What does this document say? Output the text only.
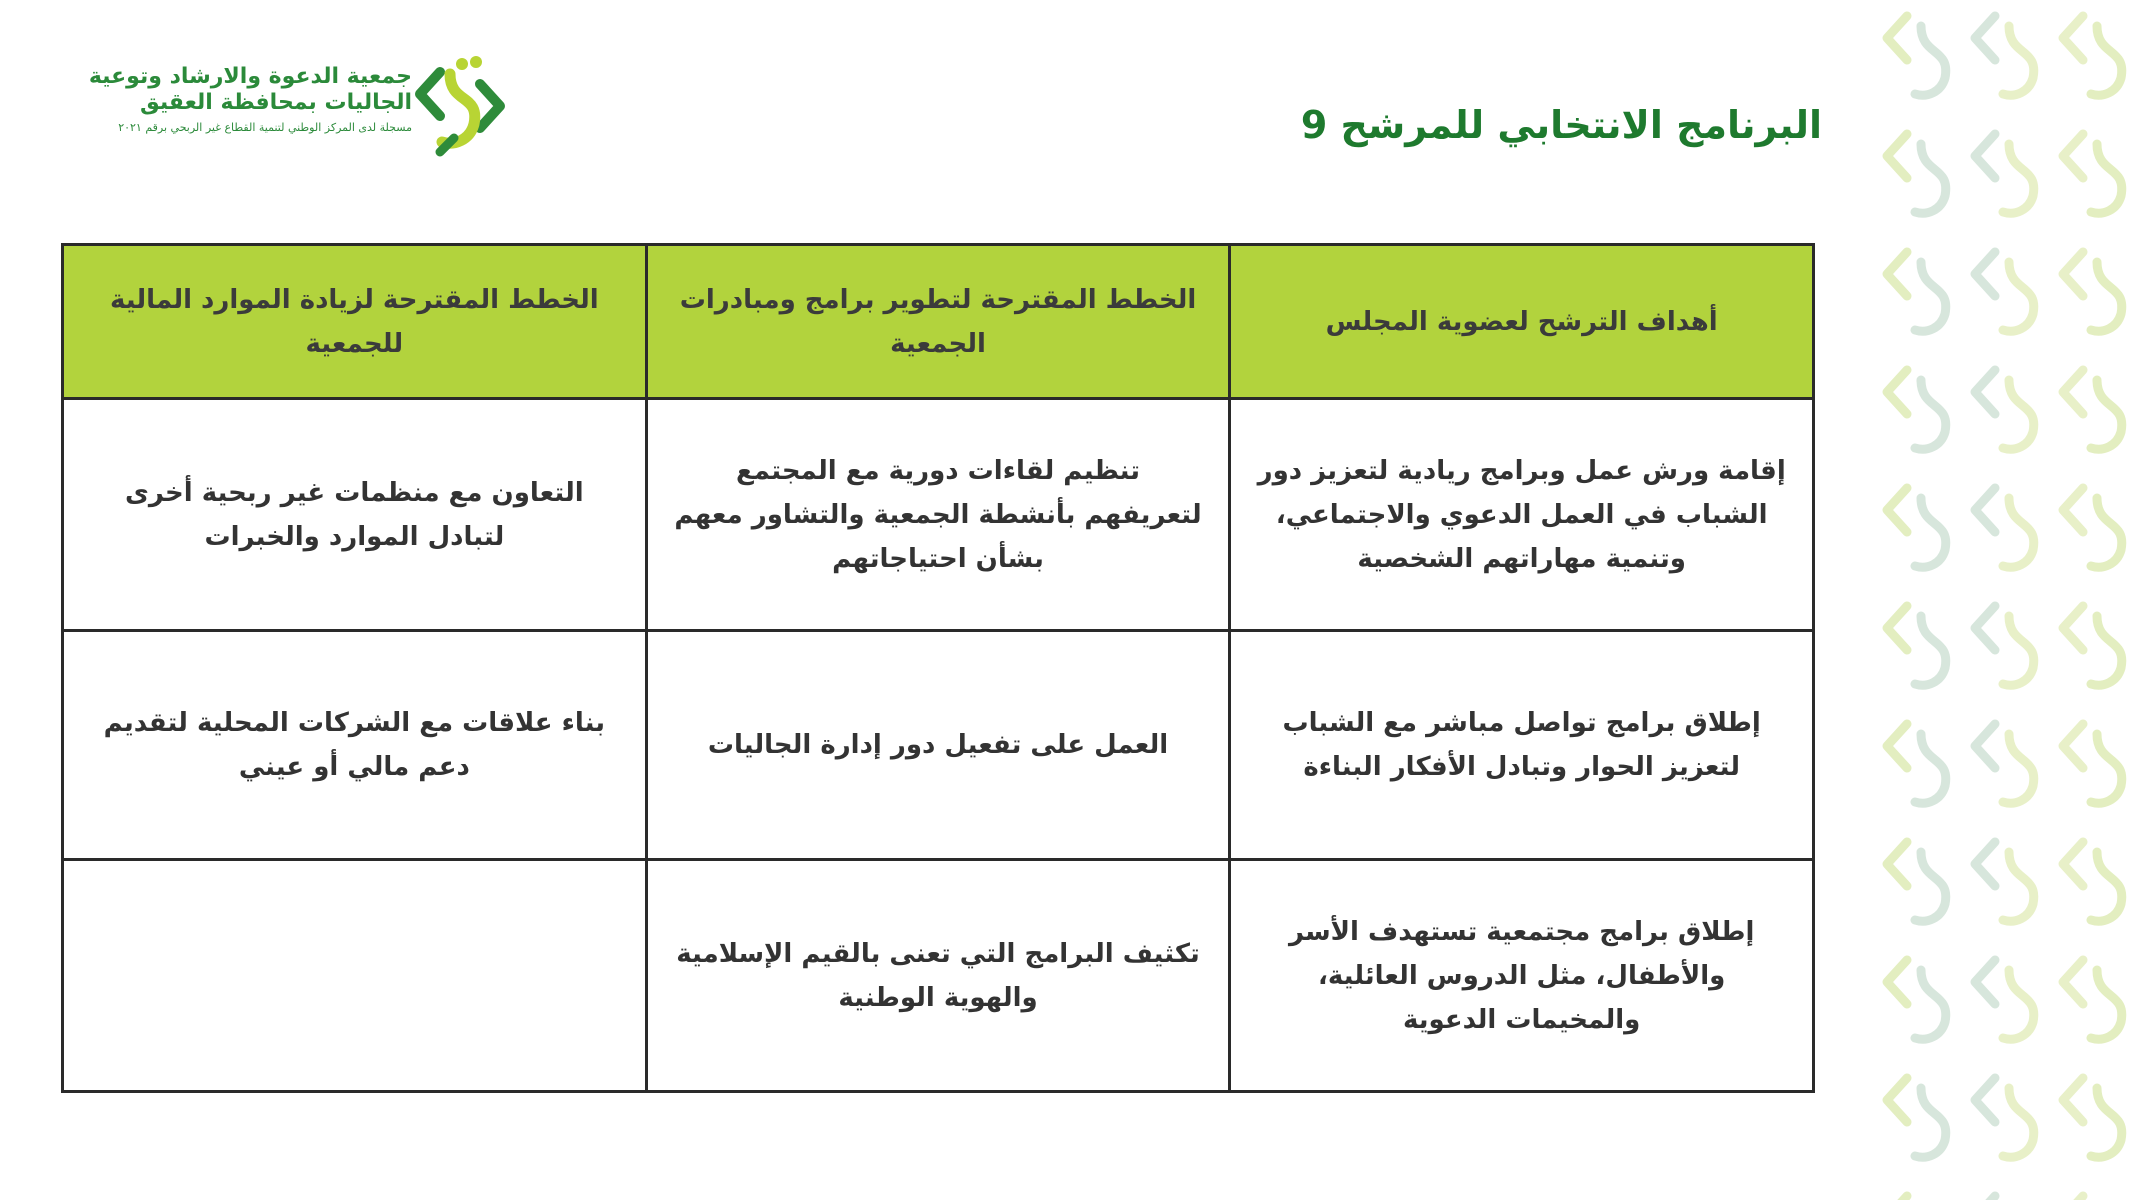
جمعية الدعوة والارشاد وتوعية
الجاليات بمحافظة العقيق
مسجلة لدى المركز الوطني لتنمية القطاع غير الربحي برقم ٢٠٢١	البرنامج الانتخابي للمرشح 9
أهداف الترشح لعضوية المجلس	الخطط المقترحة لتطوير برامج ومبادرات الجمعية	الخطط المقترحة لزيادة الموارد المالية للجمعية
إقامة ورش عمل وبرامج ريادية لتعزيز دور الشباب في العمل الدعوي والاجتماعي، وتنمية مهاراتهم الشخصية	تنظيم لقاءات دورية مع المجتمع لتعريفهم بأنشطة الجمعية والتشاور معهم بشأن احتياجاتهم	التعاون مع منظمات غير ربحية أخرى لتبادل الموارد والخبرات
إطلاق برامج تواصل مباشر مع الشباب لتعزيز الحوار وتبادل الأفكار البناءة	العمل على تفعيل دور إدارة الجاليات	بناء علاقات مع الشركات المحلية لتقديم دعم مالي أو عيني
إطلاق برامج مجتمعية تستهدف الأسر والأطفال، مثل الدروس العائلية، والمخيمات الدعوية	تكثيف البرامج التي تعنى بالقيم الإسلامية والهوية الوطنية	
